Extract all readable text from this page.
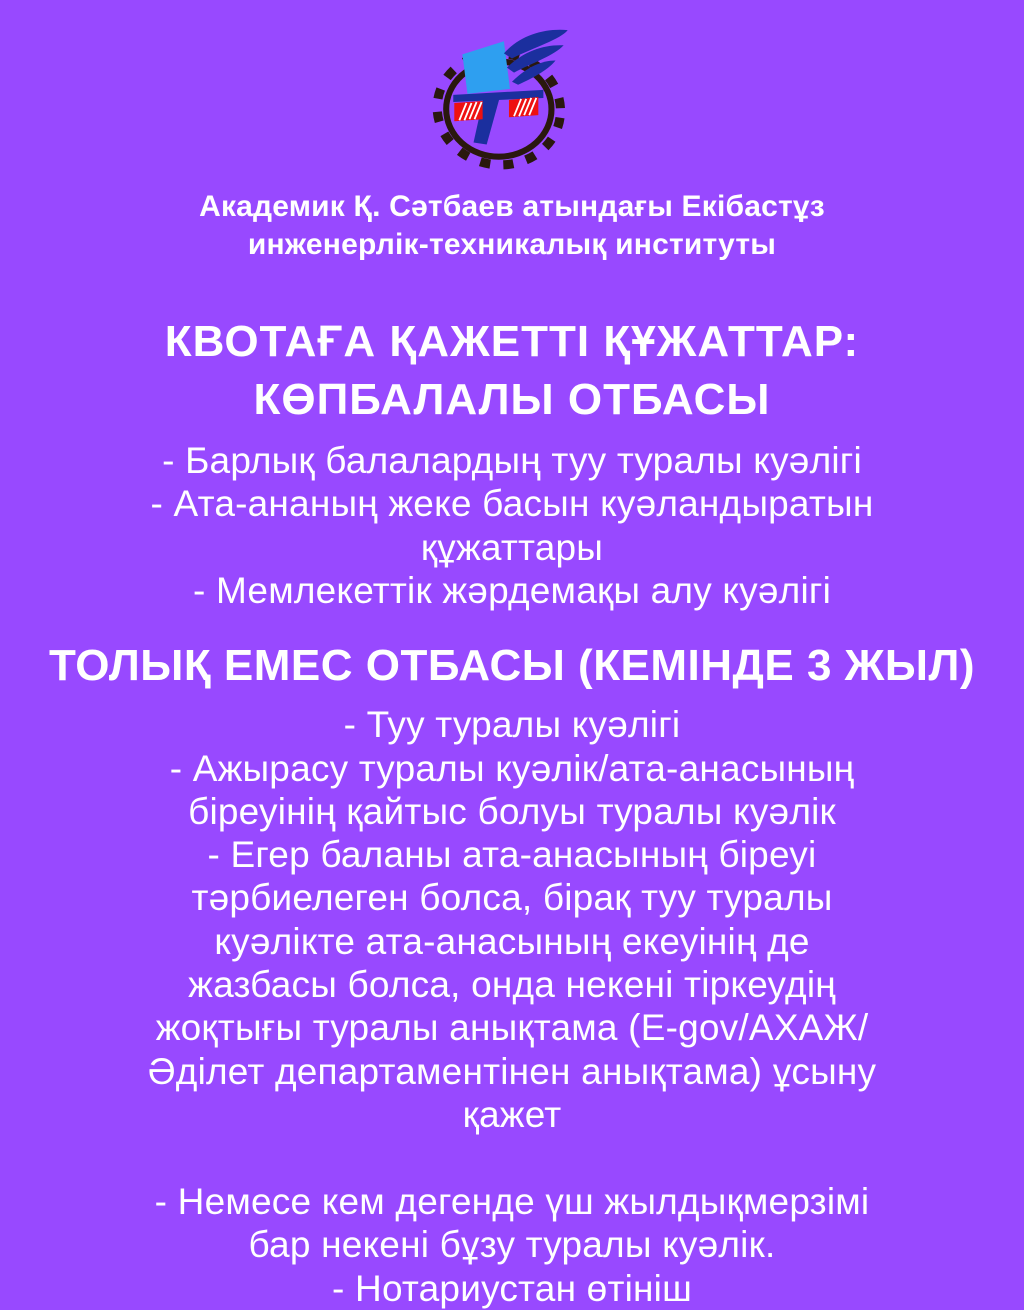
Академик Қ. Сәтбаев атындағы Екібастұз
инженерлік-техникалық институты
КВОТАҒА ҚАЖЕТТІ ҚҰЖАТТАР:
КӨПБАЛАЛЫ ОТБАСЫ

- Барлық балалардың туу туралы куәлігі

- Ата-ананың жеке басын куәландыратын құжаттары

- Мемлекеттік жәрдемақы алу куәлігі

ТОЛЫҚ ЕМЕС ОТБАСЫ (КЕМІНДЕ 3 ЖЫЛ)

- Туу туралы куәлігі

- Ажырасу туралы куәлік/ата-анасының біреуінің қайтыс болуы туралы куәлік

- Егер баланы ата-анасының біреуі тәрбиелеген болса, бірақ туу туралы куәлікте ата-анасының екеуінің де жазбасы болса, онда некені тіркеудің жоқтығы туралы анықтама (E-gov/АХАЖ/Әділет департаментінен анықтама) ұсыну қажет

- Немесе кем дегенде үш жылдықмерзімі бар некені бұзу туралы куәлік.

- Нотариустан өтініш
